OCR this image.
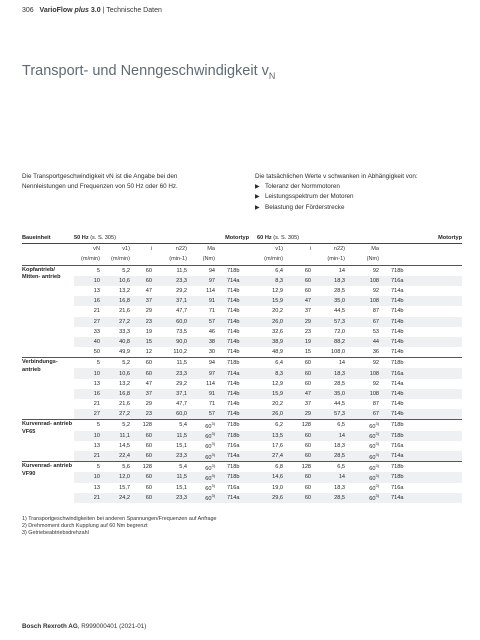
306 VarioFlow plus 3.0 | Technische Daten
Transport- und Nenngeschwindigkeit $v_N$
Die Transportgeschwindigkeit vN ist die Angabe bei den Nennleistungen und Frequenzen von 50 Hz oder 60 Hz.
Die tatsächlichen Werte v schwanken in Abhängigkeit von:
▶ Toleranz der Normmotoren
▶ Leistungsspektrum der Motoren
▶ Belastung der Förderstrecke
Baueinheit	50 Hz (s. S. 305)					Motortyp	60 Hz (s. S. 305)				Motortyp
	vN	v1)	i	n22)	Ma		v1)	i	n22)	Ma	
	(m/min)	(m/min)		(min-1)	(Nm)		(m/min)		(min-1)	(Nm)	
Kopfantrieb/ Mitten- antrieb	5	5,2	60	11,5	94	718b	6,4	60	14	92	718b
	10	10,6	60	23,3	97	714a	8,3	60	18,3	108	716a
	13	13,2	47	29,2	114	714b	12,9	60	28,5	92	714a
	16	16,8	37	37,1	91	714b	15,9	47	35,0	108	714b
	21	21,6	29	47,7	71	714b	20,2	37	44,5	87	714b
	27	27,2	23	60,0	57	714b	26,0	29	57,3	67	714b
	33	33,3	19	73,5	46	714b	32,6	23	72,0	53	714b
	40	40,8	15	90,0	38	714b	38,9	19	88,2	44	714b
	50	49,9	12	110,2	30	714b	48,9	15	108,0	36	714b
Verbindungs- antrieb	5	5,2	60	11,5	94	718b	6,4	60	14	92	718b
	10	10,6	60	23,3	97	714a	8,3	60	18,3	108	716a
	13	13,2	47	29,2	114	714b	12,9	60	28,5	92	714a
	16	16,8	37	37,1	91	714b	15,9	47	35,0	108	714b
	21	21,6	29	47,7	71	714b	20,2	37	44,5	87	714b
	27	27,2	23	60,0	57	714b	26,0	29	57,3	67	714b
Kurvenrad- antrieb VF65	5	5,2	128	5,4	60$^{3)}$	718b	6,2	128	6,5	60$^{3)}$	718b
	10	11,1	60	11,5	60$^{3)}$	718b	13,5	60	14	60$^{3)}$	718b
	13	14,5	60	15,1	60$^{3)}$	716a	17,6	60	18,3	60$^{3)}$	716a
	21	22,4	60	23,3	60$^{3)}$	714a	27,4	60	28,5	60$^{3)}$	714a
Kurvenrad- antrieb VF90	5	5,6	128	5,4	60$^{3)}$	718b	6,8	128	6,5	60$^{3)}$	718b
	10	12,0	60	11,5	60$^{3)}$	718b	14,6	60	14	60$^{3)}$	718b
	13	15,7	60	15,1	60$^{3)}$	716a	19,0	60	18,3	60$^{3)}$	716a
	21	24,2	60	23,3	60$^{3)}$	714a	29,6	60	28,5	60$^{3)}$	714a
1) Transportgeschwindigkeiten bei anderen Spannungen/Frequenzen auf Anfrage
2) Drehmoment durch Kupplung auf 60 Nm begrenzt
3) Getriebeabtriebsdrehzahl
Bosch Rexroth AG, R999000401 (2021-01)
